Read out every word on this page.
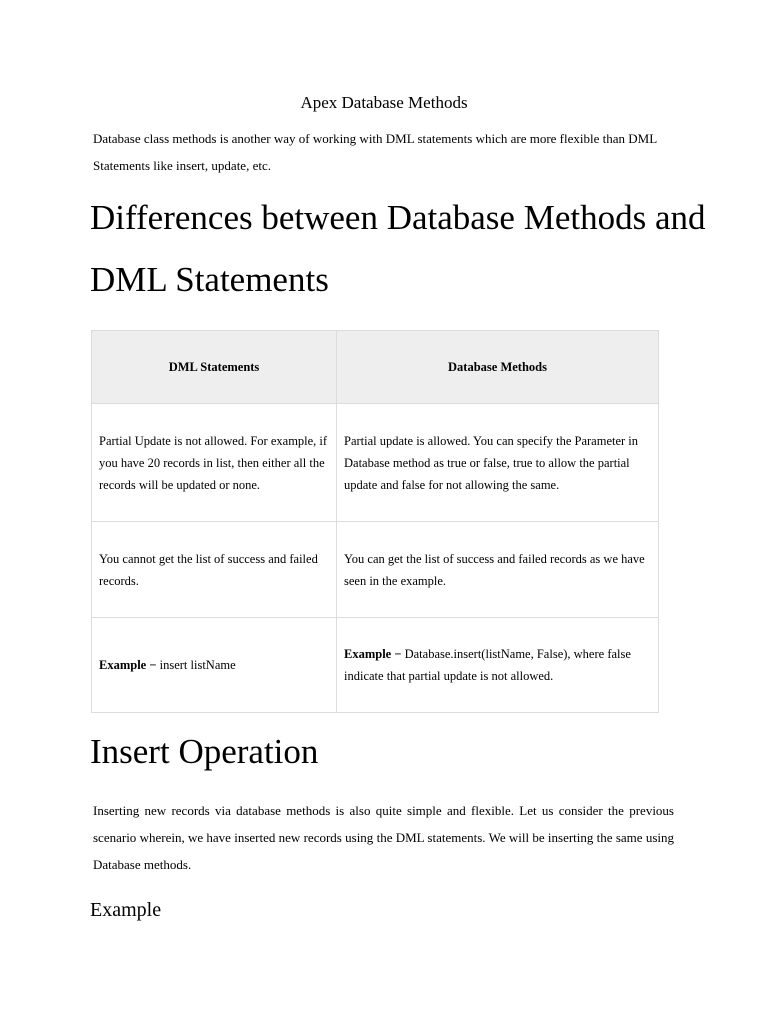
Apex Database Methods

Database class methods is another way of working with DML statements which are more flexible than DML Statements like insert, update, etc.

Differences between Database Methods and DML Statements
DML Statements	Database Methods
Partial Update is not allowed. For example, if you have 20 records in list, then either all the records will be updated or none.	Partial update is allowed. You can specify the Parameter in Database method as true or false, true to allow the partial update and false for not allowing the same.
You cannot get the list of success and failed records.	You can get the list of success and failed records as we have seen in the example.
Example − insert listName	Example − Database.insert(listName, False), where false indicate that partial update is not allowed.
Insert Operation

Inserting new records via database methods is also quite simple and flexible. Let us consider the previous scenario wherein, we have inserted new records using the DML statements. We will be inserting the same using Database methods.

Example
